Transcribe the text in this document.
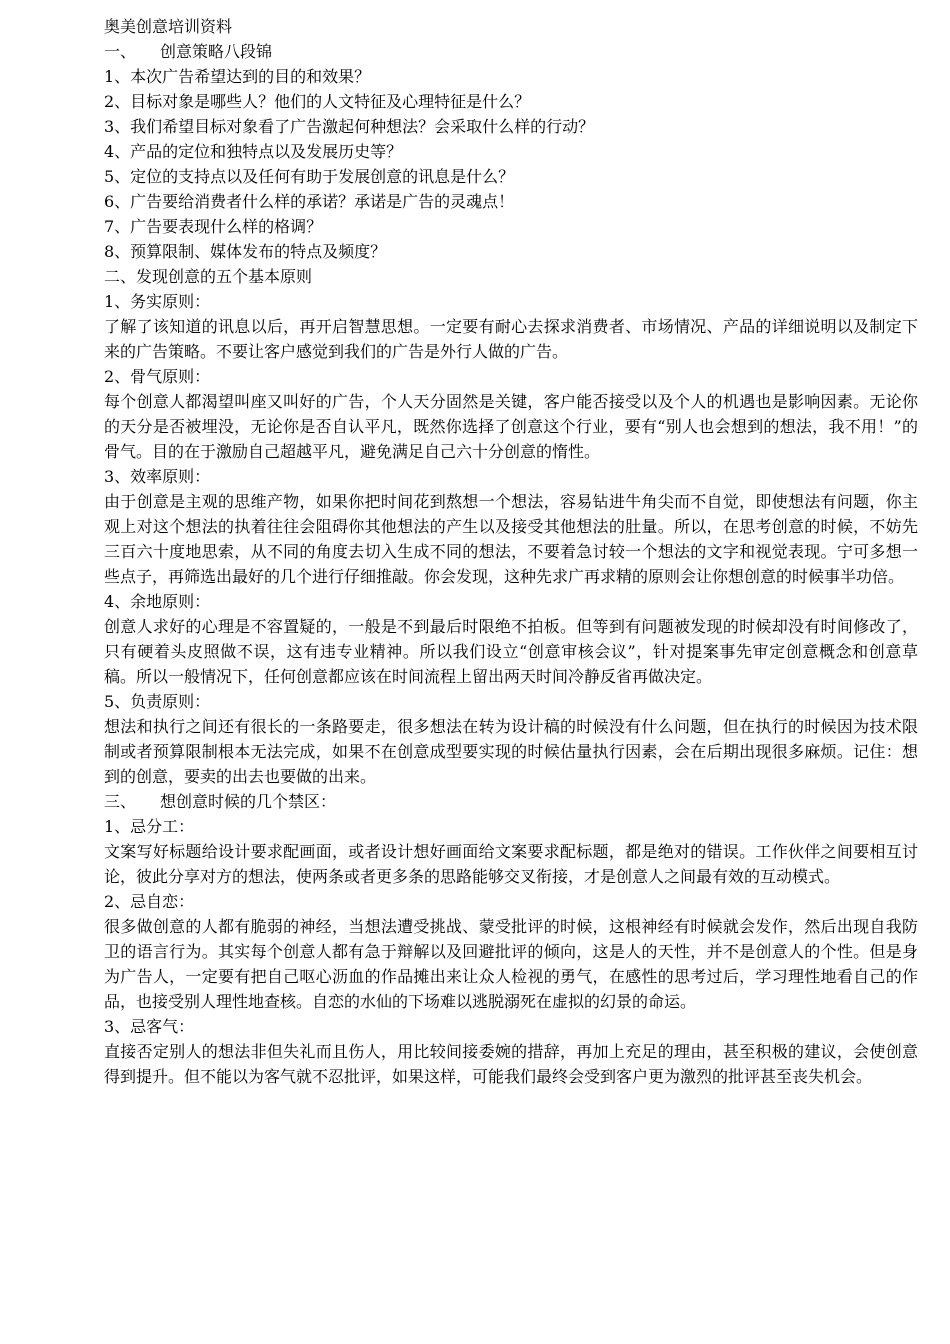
奥美创意培训资料
一、 创意策略八段锦
1、本次广告希望达到的目的和效果？
2、目标对象是哪些人？他们的人文特征及心理特征是什么？
3、我们希望目标对象看了广告激起何种想法？会采取什么样的行动？
4、产品的定位和独特点以及发展历史等？
5、定位的支持点以及任何有助于发展创意的讯息是什么？
6、广告要给消费者什么样的承诺？承诺是广告的灵魂点！
7、广告要表现什么样的格调？
8、预算限制、媒体发布的特点及频度？
二、发现创意的五个基本原则
1、务实原则：
了解了该知道的讯息以后，再开启智慧思想。一定要有耐心去探求消费者、市场情况、产品的详细说明以及制定下来的广告策略。不要让客户感觉到我们的广告是外行人做的广告。
2、骨气原则：
每个创意人都渴望叫座又叫好的广告，个人天分固然是关键，客户能否接受以及个人的机遇也是影响因素。无论你的天分是否被埋没，无论你是否自认平凡，既然你选择了创意这个行业，要有“别人也会想到的想法，我不用！”的骨气。目的在于激励自己超越平凡，避免满足自己六十分创意的惰性。
3、效率原则：
由于创意是主观的思维产物，如果你把时间花到熬想一个想法，容易钻进牛角尖而不自觉，即使想法有问题，你主观上对这个想法的执着往往会阻碍你其他想法的产生以及接受其他想法的肚量。所以，在思考创意的时候，不妨先三百六十度地思索，从不同的角度去切入生成不同的想法，不要着急讨较一个想法的文字和视觉表现。宁可多想一些点子，再筛选出最好的几个进行仔细推敲。你会发现，这种先求广再求精的原则会让你想创意的时候事半功倍。
4、余地原则：
创意人求好的心理是不容置疑的，一般是不到最后时限绝不拍板。但等到有问题被发现的时候却没有时间修改了，只有硬着头皮照做不误，这有违专业精神。所以我们设立“创意审核会议”，针对提案事先审定创意概念和创意草稿。所以一般情况下，任何创意都应该在时间流程上留出两天时间冷静反省再做决定。
5、负责原则：
想法和执行之间还有很长的一条路要走，很多想法在转为设计稿的时候没有什么问题，但在执行的时候因为技术限制或者预算限制根本无法完成，如果不在创意成型要实现的时候估量执行因素，会在后期出现很多麻烦。记住：想到的创意，要卖的出去也要做的出来。
三、 想创意时候的几个禁区：
1、忌分工：
文案写好标题给设计要求配画面，或者设计想好画面给文案要求配标题，都是绝对的错误。工作伙伴之间要相互讨论，彼此分享对方的想法，使两条或者更多条的思路能够交叉衔接，才是创意人之间最有效的互动模式。
2、忌自恋：
很多做创意的人都有脆弱的神经，当想法遭受挑战、蒙受批评的时候，这根神经有时候就会发作，然后出现自我防卫的语言行为。其实每个创意人都有急于辩解以及回避批评的倾向，这是人的天性，并不是创意人的个性。但是身为广告人，一定要有把自己呕心沥血的作品摊出来让众人检视的勇气，在感性的思考过后，学习理性地看自己的作品，也接受别人理性地查核。自恋的水仙的下场难以逃脱溺死在虚拟的幻景的命运。
3、忌客气：
直接否定别人的想法非但失礼而且伤人，用比较间接委婉的措辞，再加上充足的理由，甚至积极的建议，会使创意得到提升。但不能以为客气就不忍批评，如果这样，可能我们最终会受到客户更为激烈的批评甚至丧失机会。
